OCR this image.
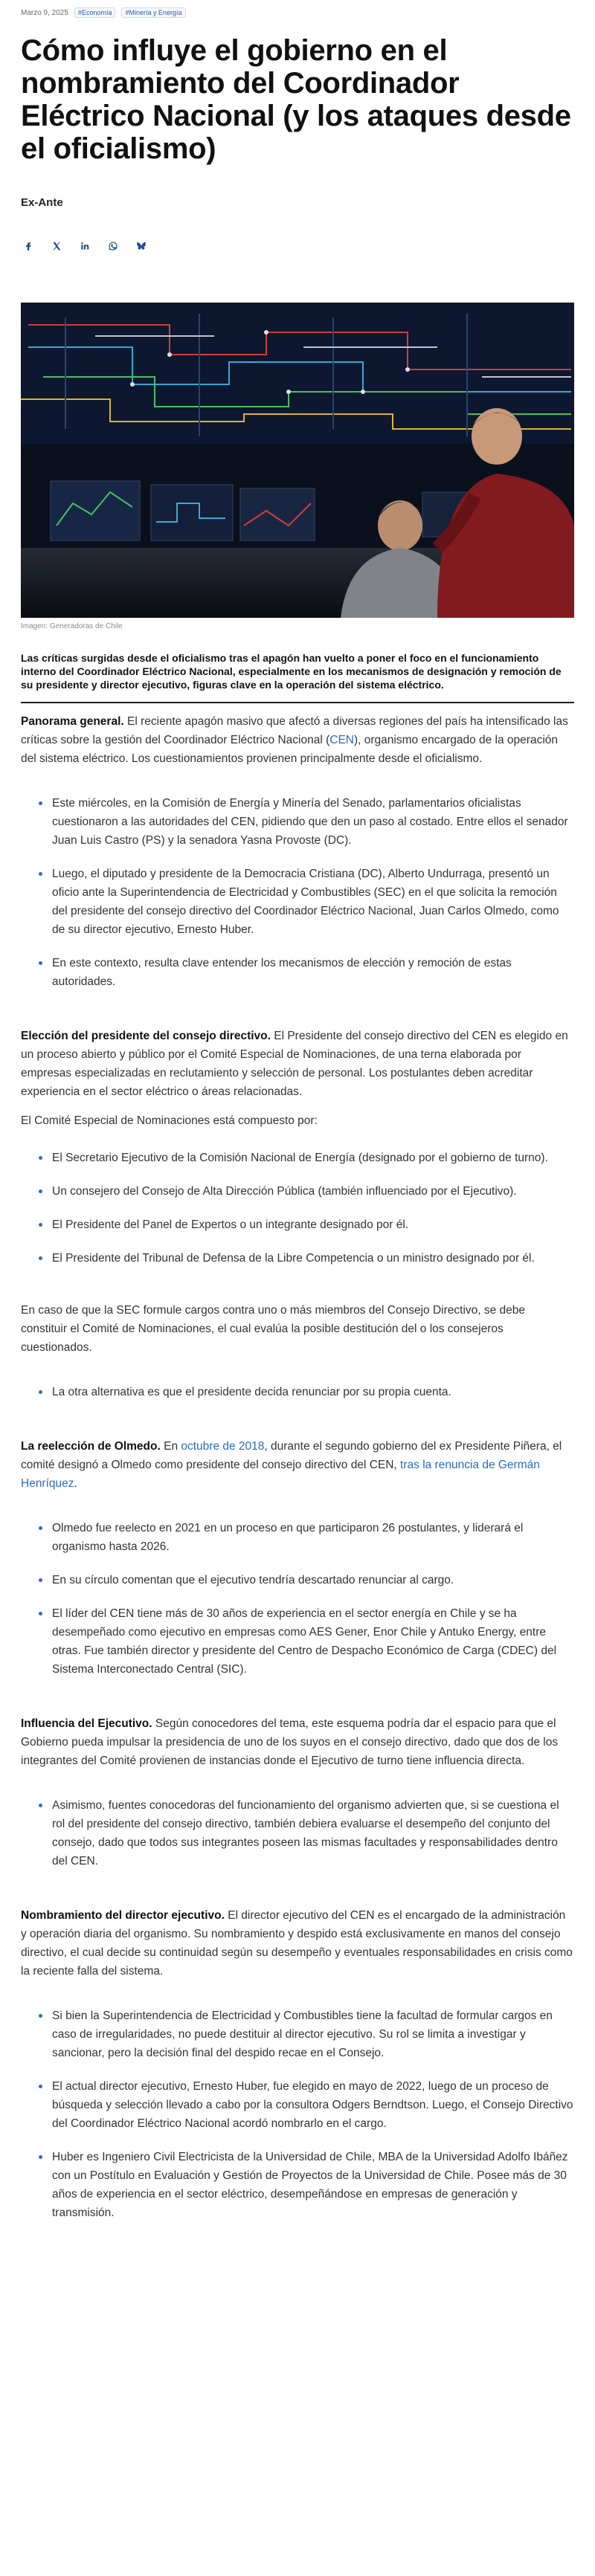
Marzo 9, 2025	#Economía	#Minería y Energía
Cómo influye el gobierno en el nombramiento del Coordinador Eléctrico Nacional (y los ataques desde el oficialismo)
Ex-Ante
Imagen: Generadoras de Chile
Las críticas surgidas desde el oficialismo tras el apagón han vuelto a poner el foco en el funcionamiento interno del Coordinador Eléctrico Nacional, especialmente en los mecanismos de designación y remoción de su presidente y director ejecutivo, figuras clave en la operación del sistema eléctrico.

Panorama general. El reciente apagón masivo que afectó a diversas regiones del país ha intensificado las críticas sobre la gestión del Coordinador Eléctrico Nacional (CEN), organismo encargado de la operación del sistema eléctrico. Los cuestionamientos provienen principalmente desde el oficialismo.

Este miércoles, en la Comisión de Energía y Minería del Senado, parlamentarios oficialistas cuestionaron a las autoridades del CEN, pidiendo que den un paso al costado. Entre ellos el senador Juan Luis Castro (PS) y la senadora Yasna Provoste (DC).
Luego, el diputado y presidente de la Democracia Cristiana (DC), Alberto Undurraga, presentó un oficio ante la Superintendencia de Electricidad y Combustibles (SEC) en el que solicita la remoción del presidente del consejo directivo del Coordinador Eléctrico Nacional, Juan Carlos Olmedo, como de su director ejecutivo, Ernesto Huber.
En este contexto, resulta clave entender los mecanismos de elección y remoción de estas autoridades.

Elección del presidente del consejo directivo. El Presidente del consejo directivo del CEN es elegido en un proceso abierto y público por el Comité Especial de Nominaciones, de una terna elaborada por empresas especializadas en reclutamiento y selección de personal. Los postulantes deben acreditar experiencia en el sector eléctrico o áreas relacionadas.

El Comité Especial de Nominaciones está compuesto por:

El Secretario Ejecutivo de la Comisión Nacional de Energía (designado por el gobierno de turno).
Un consejero del Consejo de Alta Dirección Pública (también influenciado por el Ejecutivo).
El Presidente del Panel de Expertos o un integrante designado por él.
El Presidente del Tribunal de Defensa de la Libre Competencia o un ministro designado por él.

En caso de que la SEC formule cargos contra uno o más miembros del Consejo Directivo, se debe constituir el Comité de Nominaciones, el cual evalúa la posible destitución del o los consejeros cuestionados.

La otra alternativa es que el presidente decida renunciar por su propia cuenta.

La reelección de Olmedo. En octubre de 2018, durante el segundo gobierno del ex Presidente Piñera, el comité designó a Olmedo como presidente del consejo directivo del CEN, tras la renuncia de Germán Henríquez.

Olmedo fue reelecto en 2021 en un proceso en que participaron 26 postulantes, y liderará el organismo hasta 2026.
En su círculo comentan que el ejecutivo tendría descartado renunciar al cargo.
El líder del CEN tiene más de 30 años de experiencia en el sector energía en Chile y se ha desempeñado como ejecutivo en empresas como AES Gener, Enor Chile y Antuko Energy, entre otras. Fue también director y presidente del Centro de Despacho Económico de Carga (CDEC) del Sistema Interconectado Central (SIC).

Influencia del Ejecutivo. Según conocedores del tema, este esquema podría dar el espacio para que el Gobierno pueda impulsar la presidencia de uno de los suyos en el consejo directivo, dado que dos de los integrantes del Comité provienen de instancias donde el Ejecutivo de turno tiene influencia directa.

Asimismo, fuentes conocedoras del funcionamiento del organismo advierten que, si se cuestiona el rol del presidente del consejo directivo, también debiera evaluarse el desempeño del conjunto del consejo, dado que todos sus integrantes poseen las mismas facultades y responsabilidades dentro del CEN.

Nombramiento del director ejecutivo. El director ejecutivo del CEN es el encargado de la administración y operación diaria del organismo. Su nombramiento y despido está exclusivamente en manos del consejo directivo, el cual decide su continuidad según su desempeño y eventuales responsabilidades en crisis como la reciente falla del sistema.

Si bien la Superintendencia de Electricidad y Combustibles tiene la facultad de formular cargos en caso de irregularidades, no puede destituir al director ejecutivo. Su rol se limita a investigar y sancionar, pero la decisión final del despido recae en el Consejo.
El actual director ejecutivo, Ernesto Huber, fue elegido en mayo de 2022, luego de un proceso de búsqueda y selección llevado a cabo por la consultora Odgers Berndtson. Luego, el Consejo Directivo del Coordinador Eléctrico Nacional acordó nombrarlo en el cargo.
Huber es Ingeniero Civil Electricista de la Universidad de Chile, MBA de la Universidad Adolfo Ibáñez con un Postítulo en Evaluación y Gestión de Proyectos de la Universidad de Chile. Posee más de 30 años de experiencia en el sector eléctrico, desempeñándose en empresas de generación y transmisión.
